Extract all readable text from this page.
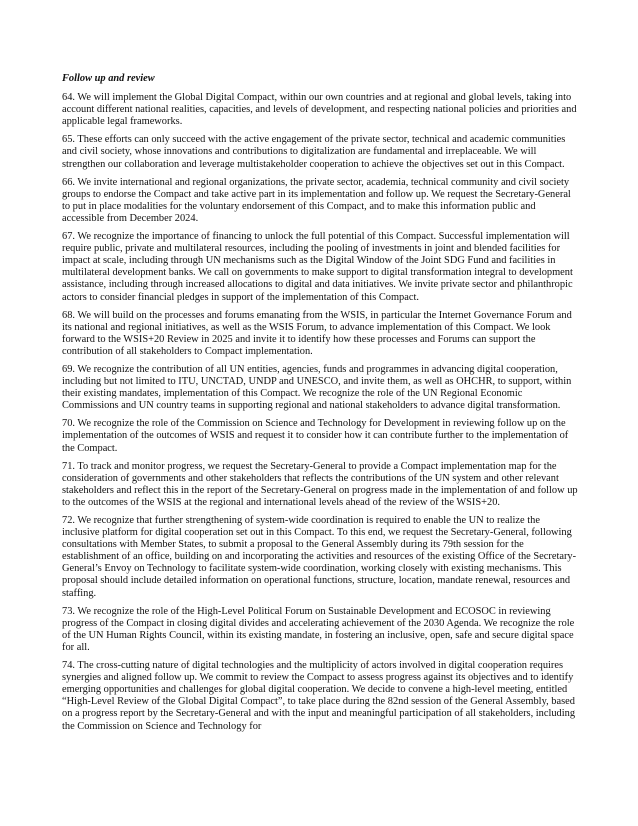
Follow up and review

64. We will implement the Global Digital Compact, within our own countries and at regional and global levels, taking into account different national realities, capacities, and levels of development, and respecting national policies and priorities and applicable legal frameworks.

65. These efforts can only succeed with the active engagement of the private sector, technical and academic communities and civil society, whose innovations and contributions to digitalization are fundamental and irreplaceable. We will strengthen our collaboration and leverage multistakeholder cooperation to achieve the objectives set out in this Compact.

66. We invite international and regional organizations, the private sector, academia, technical community and civil society groups to endorse the Compact and take active part in its implementation and follow up. We request the Secretary-General to put in place modalities for the voluntary endorsement of this Compact, and to make this information public and accessible from December 2024.

67. We recognize the importance of financing to unlock the full potential of this Compact. Successful implementation will require public, private and multilateral resources, including the pooling of investments in joint and blended facilities for impact at scale, including through UN mechanisms such as the Digital Window of the Joint SDG Fund and facilities in multilateral development banks. We call on governments to make support to digital transformation integral to development assistance, including through increased allocations to digital and data initiatives. We invite private sector and philanthropic actors to consider financial pledges in support of the implementation of this Compact.

68. We will build on the processes and forums emanating from the WSIS, in particular the Internet Governance Forum and its national and regional initiatives, as well as the WSIS Forum, to advance implementation of this Compact. We look forward to the WSIS+20 Review in 2025 and invite it to identify how these processes and Forums can support the contribution of all stakeholders to Compact implementation.

69. We recognize the contribution of all UN entities, agencies, funds and programmes in advancing digital cooperation, including but not limited to ITU, UNCTAD, UNDP and UNESCO, and invite them, as well as OHCHR, to support, within their existing mandates, implementation of this Compact. We recognize the role of the UN Regional Economic Commissions and UN country teams in supporting regional and national stakeholders to advance digital transformation.

70. We recognize the role of the Commission on Science and Technology for Development in reviewing follow up on the implementation of the outcomes of WSIS and request it to consider how it can contribute further to the implementation of the Compact.

71. To track and monitor progress, we request the Secretary-General to provide a Compact implementation map for the consideration of governments and other stakeholders that reflects the contributions of the UN system and other relevant stakeholders and reflect this in the report of the Secretary-General on progress made in the implementation of and follow up to the outcomes of the WSIS at the regional and international levels ahead of the review of the WSIS+20.

72. We recognize that further strengthening of system-wide coordination is required to enable the UN to realize the inclusive platform for digital cooperation set out in this Compact. To this end, we request the Secretary-General, following consultations with Member States, to submit a proposal to the General Assembly during its 79th session for the establishment of an office, building on and incorporating the activities and resources of the existing Office of the Secretary-General’s Envoy on Technology to facilitate system-wide coordination, working closely with existing mechanisms. This proposal should include detailed information on operational functions, structure, location, mandate renewal, resources and staffing.

73. We recognize the role of the High-Level Political Forum on Sustainable Development and ECOSOC in reviewing progress of the Compact in closing digital divides and accelerating achievement of the 2030 Agenda. We recognize the role of the UN Human Rights Council, within its existing mandate, in fostering an inclusive, open, safe and secure digital space for all.

74. The cross-cutting nature of digital technologies and the multiplicity of actors involved in digital cooperation requires synergies and aligned follow up. We commit to review the Compact to assess progress against its objectives and to identify emerging opportunities and challenges for global digital cooperation. We decide to convene a high-level meeting, entitled “High-Level Review of the Global Digital Compact”, to take place during the 82nd session of the General Assembly, based on a progress report by the Secretary-General and with the input and meaningful participation of all stakeholders, including the Commission on Science and Technology for
